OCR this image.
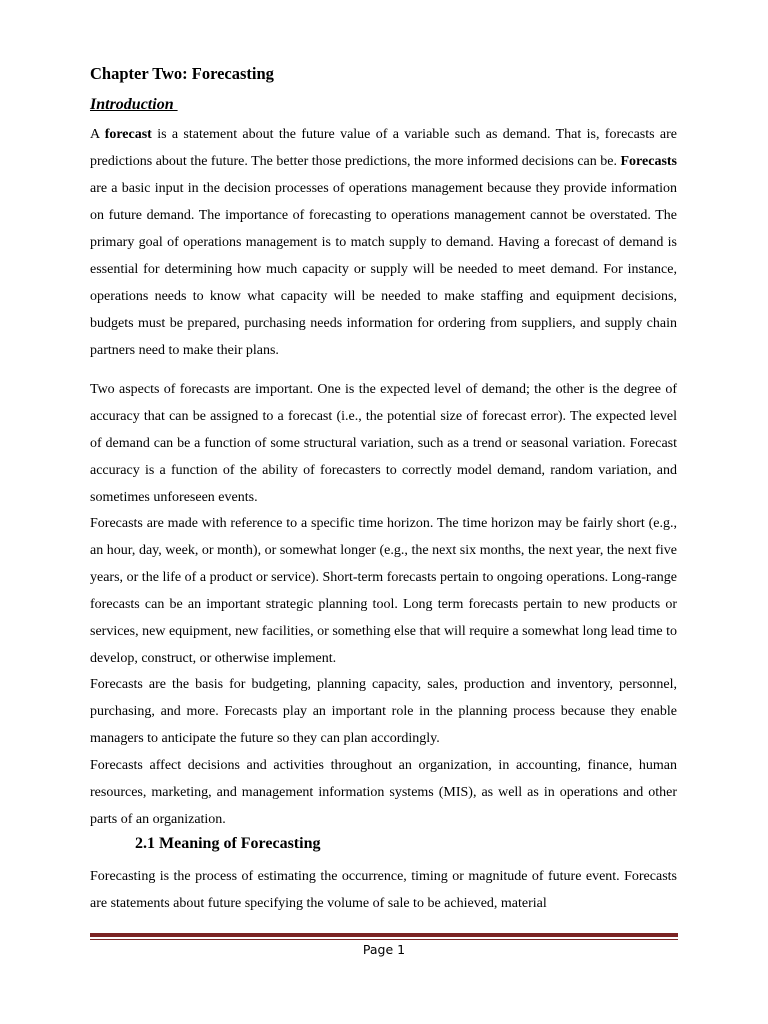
Chapter Two: Forecasting
Introduction

A forecast is a statement about the future value of a variable such as demand. That is, forecasts are predictions about the future. The better those predictions, the more informed decisions can be. Forecasts are a basic input in the decision processes of operations management because they provide information on future demand. The importance of forecasting to operations management cannot be overstated. The primary goal of operations management is to match supply to demand. Having a forecast of demand is essential for determining how much capacity or supply will be needed to meet demand. For instance, operations needs to know what capacity will be needed to make staffing and equipment decisions, budgets must be prepared, purchasing needs information for ordering from suppliers, and supply chain partners need to make their plans.

Two aspects of forecasts are important. One is the expected level of demand; the other is the degree of accuracy that can be assigned to a forecast (i.e., the potential size of forecast error). The expected level of demand can be a function of some structural variation, such as a trend or seasonal variation. Forecast accuracy is a function of the ability of forecasters to correctly model demand, random variation, and sometimes unforeseen events.

Forecasts are made with reference to a specific time horizon. The time horizon may be fairly short (e.g., an hour, day, week, or month), or somewhat longer (e.g., the next six months, the next year, the next five years, or the life of a product or service). Short-term forecasts pertain to ongoing operations. Long-range forecasts can be an important strategic planning tool. Long term forecasts pertain to new products or services, new equipment, new facilities, or something else that will require a somewhat long lead time to develop, construct, or otherwise implement.

Forecasts are the basis for budgeting, planning capacity, sales, production and inventory, personnel, purchasing, and more. Forecasts play an important role in the planning process because they enable managers to anticipate the future so they can plan accordingly.

Forecasts affect decisions and activities throughout an organization, in accounting, finance, human resources, marketing, and management information systems (MIS), as well as in operations and other parts of an organization.

2.1 Meaning of Forecasting

Forecasting is the process of estimating the occurrence, timing or magnitude of future event. Forecasts are statements about future specifying the volume of sale to be achieved, material

Page 1
